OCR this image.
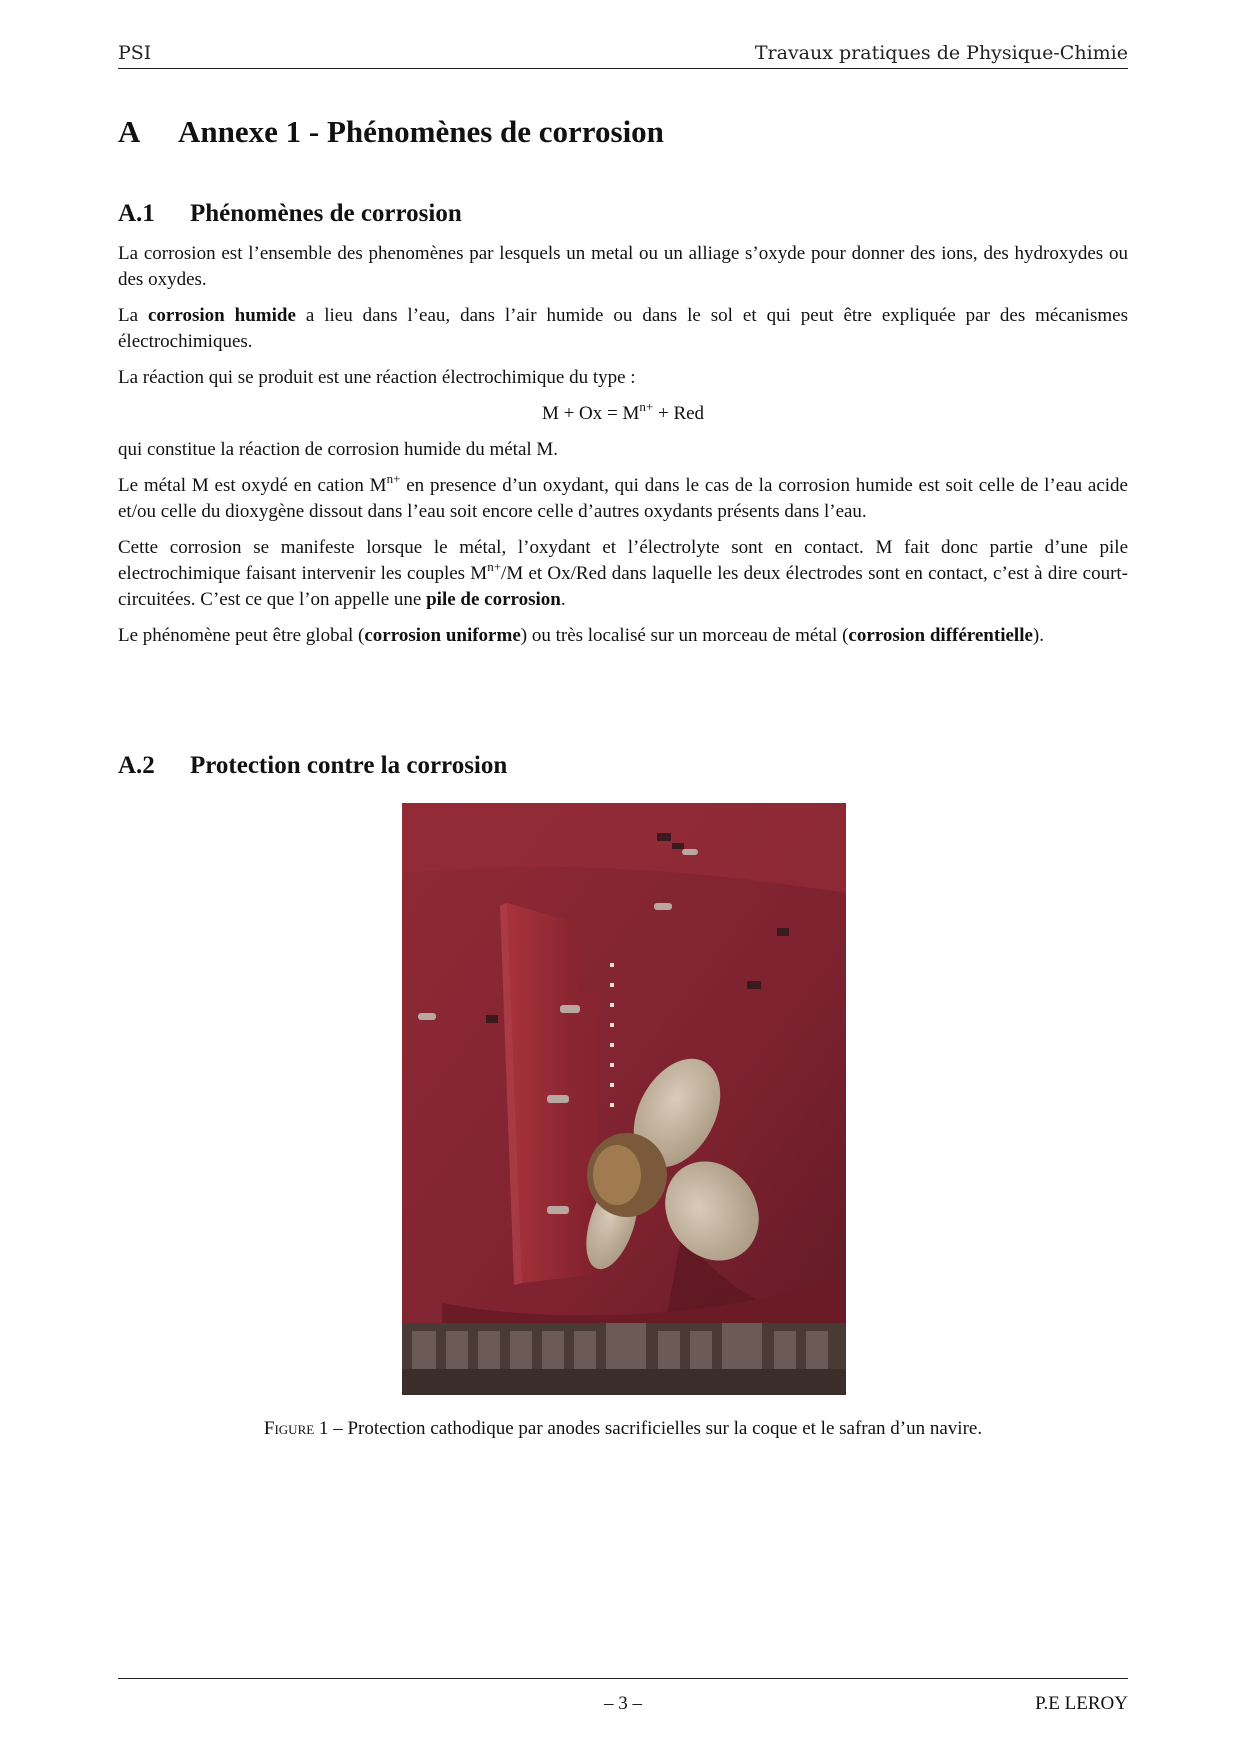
PSI	Travaux pratiques de Physique-Chimie
A Annexe 1 - Phénomènes de corrosion
A.1 Phénomènes de corrosion

La corrosion est l’ensemble des phenomènes par lesquels un metal ou un alliage s’oxyde pour donner des ions, des hydroxydes ou des oxydes.

La corrosion humide a lieu dans l’eau, dans l’air humide ou dans le sol et qui peut être expliquée par des mécanismes électrochimiques.

La réaction qui se produit est une réaction électrochimique du type :

$M + Ox = M^{n+}$ + Red

qui constitue la réaction de corrosion humide du métal M.

Le métal M est oxydé en cation $M^{n+}$ en presence d’un oxydant, qui dans le cas de la corrosion humide est soit celle de l’eau acide et/ou celle du dioxygène dissout dans l’eau soit encore celle d’autres oxydants présents dans l’eau.

Cette corrosion se manifeste lorsque le métal, l’oxydant et l’électrolyte sont en contact. M fait donc partie d’une pile electrochimique faisant intervenir les couples $M^{n+}/M$ et Ox/Red dans laquelle les deux électrodes sont en contact, c’est à dire court-circuitées. C’est ce que l’on appelle une pile de corrosion.

Le phénomène peut être global (corrosion uniforme) ou très localisé sur un morceau de métal (corrosion différentielle).

A.2 Protection contre la corrosion
Figure 1 – Protection cathodique par anodes sacrificielles sur la coque et le safran d’un navire.
– 3 –	P.E LEROY
